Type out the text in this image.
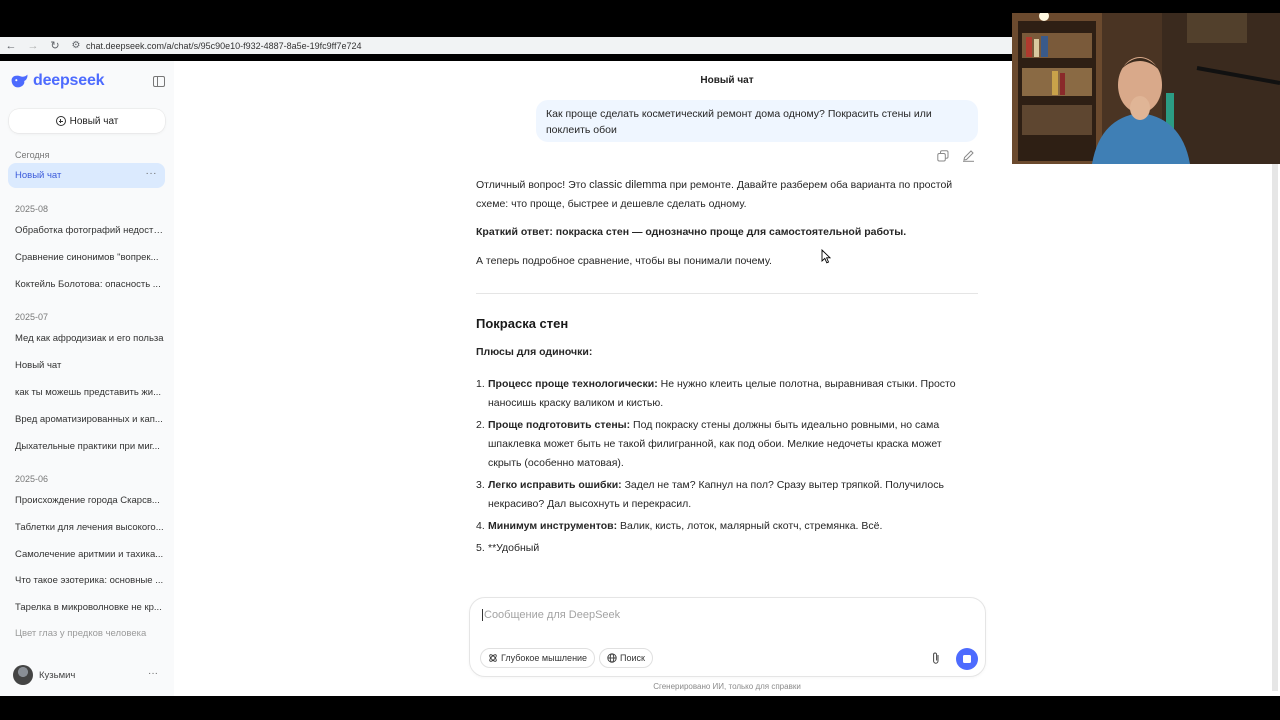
←	→	↻	⚙ chat.deepseek.com/a/chat/s/95c90e10-f932-4887-8a5e-19fc9ff7e724
deepseek
Новый чат
Сегодня
Новый чат	···
2025-08
Обработка фотографий недосту...
Сравнение синонимов "вопрек...
Коктейль Болотова: опасность ...
2025-07
Мед как афродизиак и его польза
Новый чат
как ты можешь представить жи...
Вред ароматизированных и кап...
Дыхательные практики при миг...
2025-06
Происхождение города Скарсв...
Таблетки для лечения высокого...
Самолечение аритмии и тахика...
Что такое эзотерика: основные ...
Тарелка в микроволновке не кр...
Цвет глаз у предков человека
Кузьмич	···
Новый чат
Как проще сделать косметический ремонт дома одному? Покрасить стены или поклеить обои
Отличный вопрос! Это classic dilemma при ремонте. Давайте разберем оба варианта по простой схеме: что проще, быстрее и дешевле сделать одному.
Краткий ответ: покраска стен — однозначно проще для самостоятельной работы.
А теперь подробное сравнение, чтобы вы понимали почему.
Покраска стен
Плюсы для одиночки:
1. Процесс проще технологически: Не нужно клеить целые полотна, выравнивая стыки. Просто наносишь краску валиком и кистью.
2. Проще подготовить стены: Под покраску стены должны быть идеально ровными, но сама шпаклевка может быть не такой филигранной, как под обои. Мелкие недочеты краска может скрыть (особенно матовая).
3. Легко исправить ошибки: Задел не там? Капнул на пол? Сразу вытер тряпкой. Получилось некрасиво? Дал высохнуть и перекрасил.
4. Минимум инструментов: Валик, кисть, лоток, малярный скотч, стремянка. Всё.
5. **Удобный
Сообщение для DeepSeek
Глубокое мышление	Поиск
Сгенерировано ИИ, только для справки
